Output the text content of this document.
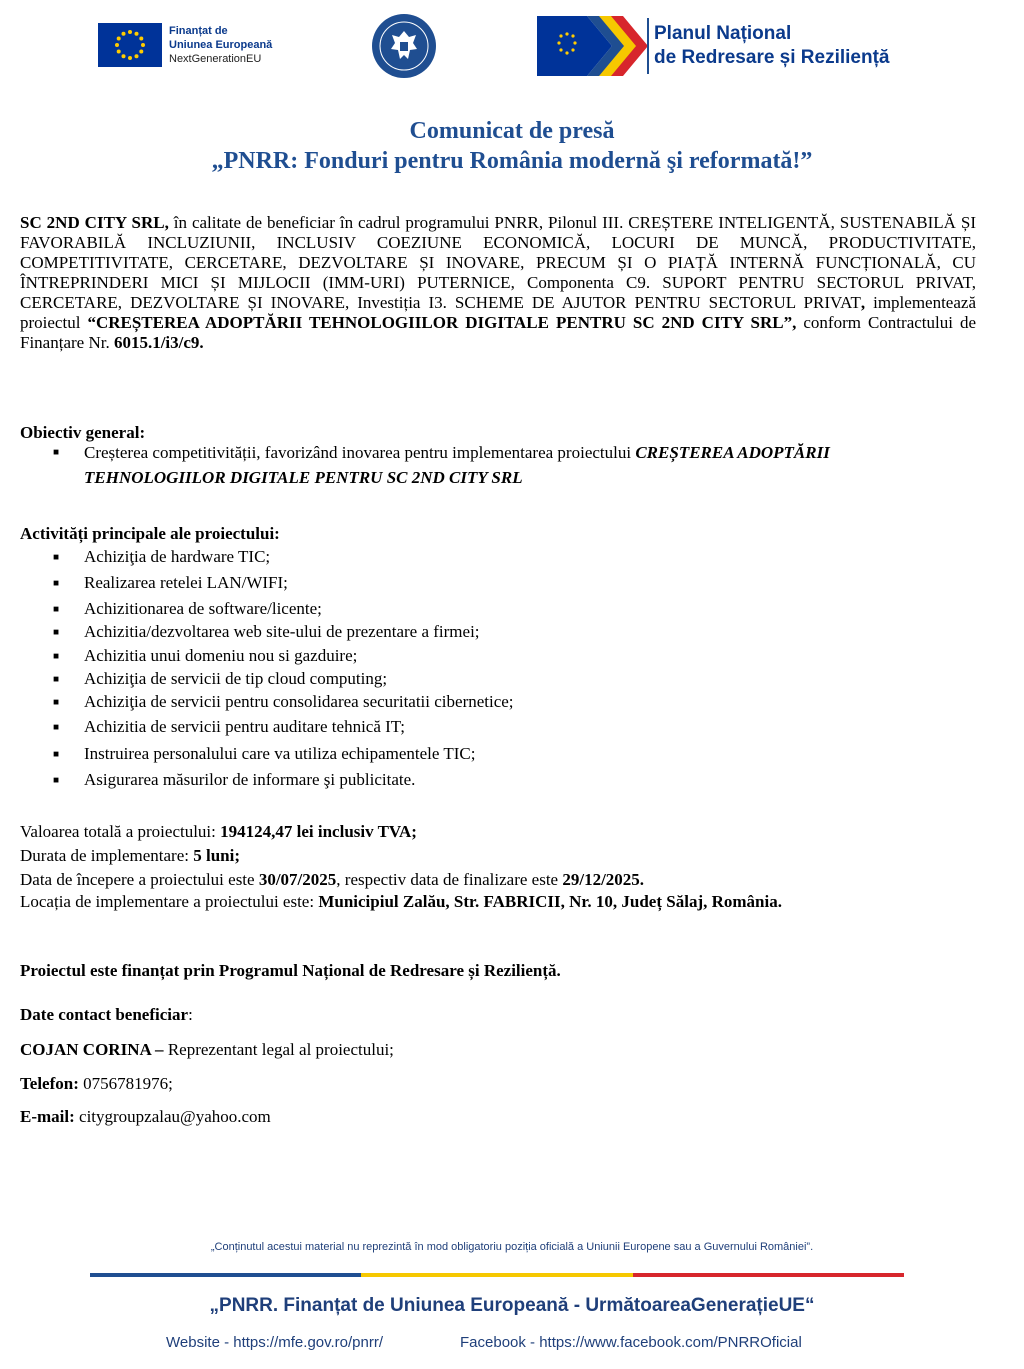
Finanțat de
Uniunea Europeană
NextGenerationEU
Planul Național
de Redresare și Reziliență
Comunicat de presă
„PNRR: Fonduri pentru România modernă şi reformată!”
SC 2ND CITY SRL, în calitate de beneficiar în cadrul programului PNRR, Pilonul III. CREȘTERE INTELIGENTĂ, SUSTENABILĂ ȘI FAVORABILĂ INCLUZIUNII, INCLUSIV COEZIUNE ECONOMICĂ, LOCURI DE MUNCĂ, PRODUCTIVITATE, COMPETITIVITATE, CERCETARE, DEZVOLTARE ȘI INOVARE, PRECUM ȘI O PIAȚĂ INTERNĂ FUNCȚIONALĂ, CU ÎNTREPRINDERI MICI ȘI MIJLOCII (IMM-URI) PUTERNICE, Componenta C9. SUPORT PENTRU SECTORUL PRIVAT, CERCETARE, DEZVOLTARE ȘI INOVARE, Investiția I3. SCHEME DE AJUTOR PENTRU SECTORUL PRIVAT, implementează proiectul “CREȘTEREA ADOPTĂRII TEHNOLOGIILOR DIGITALE PENTRU SC 2ND CITY SRL”, conform Contractului de Finanțare Nr. 6015.1/i3/c9.
Obiectiv general:
■ Creșterea competitivității, favorizând inovarea pentru implementarea proiectului CREȘTEREA ADOPTĂRII
TEHNOLOGIILOR DIGITALE PENTRU SC 2ND CITY SRL
Activități principale ale proiectului:
■ Achiziţia de hardware TIC;
■ Realizarea retelei LAN/WIFI;
■ Achizitionarea de software/licente;
■ Achizitia/dezvoltarea web site-ului de prezentare a firmei;
■ Achizitia unui domeniu nou si gazduire;
■ Achiziţia de servicii de tip cloud computing;
■ Achiziţia de servicii pentru consolidarea securitatii cibernetice;
■ Achizitia de servicii pentru auditare tehnică IT;
■ Instruirea personalului care va utiliza echipamentele TIC;
■ Asigurarea măsurilor de informare şi publicitate.
Valoarea totală a proiectului: 194124,47 lei inclusiv TVA;
Durata de implementare: 5 luni;
Data de începere a proiectului este 30/07/2025, respectiv data de finalizare este 29/12/2025.
Locația de implementare a proiectului este: Municipiul Zalău, Str. FABRICII, Nr. 10, Județ Sălaj, România.
Proiectul este finanțat prin Programul Național de Redresare și Reziliență.
Date contact beneficiar:
COJAN CORINA – Reprezentant legal al proiectului;
Telefon: 0756781976;
E-mail: citygroupzalau@yahoo.com
„Conținutul acestui material nu reprezintă în mod obligatoriu poziția oficială a Uniunii Europene sau a Guvernului României”.
„PNRR. Finanțat de Uniunea Europeană - UrmătoareaGenerațieUE“
Website - https://mfe.gov.ro/pnrr/	Facebook - https://www.facebook.com/PNRROficial
